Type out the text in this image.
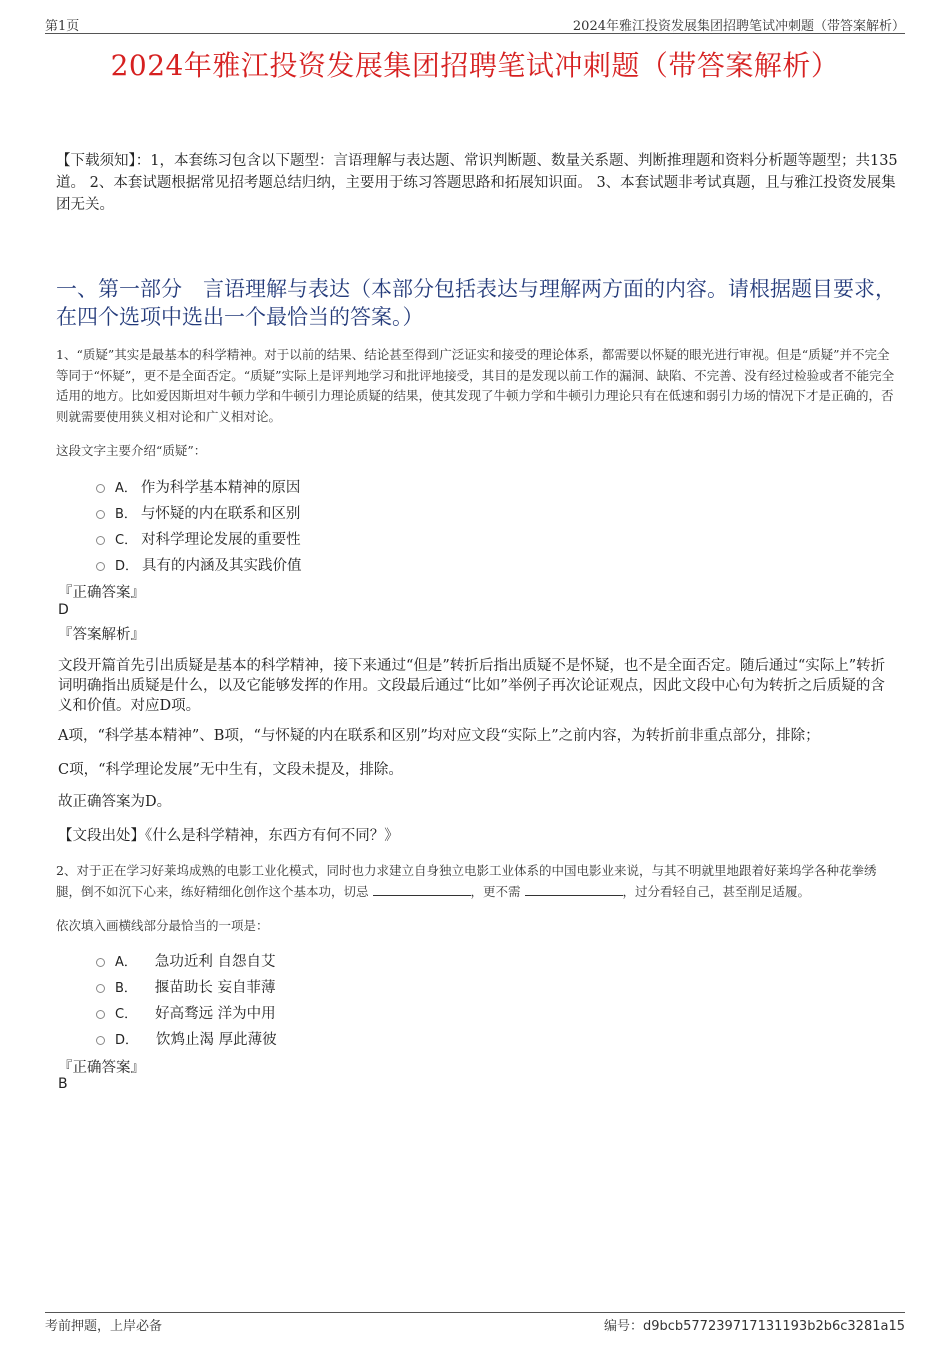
第1页	2024年雅江投资发展集团招聘笔试冲刺题（带答案解析）
2024年雅江投资发展集团招聘笔试冲刺题（带答案解析）
【下载须知】：1，本套练习包含以下题型：言语理解与表达题、常识判断题、数量关系题、判断推理题和资料分析题等题型；共135道。 2、本套试题根据常见招考题总结归纳，主要用于练习答题思路和拓展知识面。 3、本套试题非考试真题，且与雅江投资发展集团无关。
一、第一部分　言语理解与表达（本部分包括表达与理解两方面的内容。请根据题目要求，在四个选项中选出一个最恰当的答案。）
1、“质疑”其实是最基本的科学精神。对于以前的结果、结论甚至得到广泛证实和接受的理论体系，都需要以怀疑的眼光进行审视。但是“质疑”并不完全等同于“怀疑”，更不是全面否定。“质疑”实际上是评判地学习和批评地接受，其目的是发现以前工作的漏洞、缺陷、不完善、没有经过检验或者不能完全适用的地方。比如爱因斯坦对牛顿力学和牛顿引力理论质疑的结果，使其发现了牛顿力学和牛顿引力理论只有在低速和弱引力场的情况下才是正确的，否则就需要使用狭义相对论和广义相对论。
这段文字主要介绍“质疑”：
A． 作为科学基本精神的原因
B． 与怀疑的内在联系和区别
C． 对科学理论发展的重要性
D． 具有的内涵及其实践价值
『正确答案』
D
『答案解析』
文段开篇首先引出质疑是基本的科学精神，接下来通过“但是”转折后指出质疑不是怀疑，也不是全面否定。随后通过“实际上”转折词明确指出质疑是什么，以及它能够发挥的作用。文段最后通过“比如”举例子再次论证观点，因此文段中心句为转折之后质疑的含义和价值。对应D项。
A项，“科学基本精神”、B项，“与怀疑的内在联系和区别”均对应文段“实际上”之前内容，为转折前非重点部分，排除；
C项，“科学理论发展”无中生有，文段未提及，排除。
故正确答案为D。
【文段出处】《什么是科学精神，东西方有何不同？》
2、对于正在学习好莱坞成熟的电影工业化模式，同时也力求建立自身独立电影工业体系的中国电影业来说，与其不明就里地跟着好莱坞学各种花拳绣腿，倒不如沉下心来，练好精细化创作这个基本功，切忌	，更不需	，过分看轻自己，甚至削足适履。
依次填入画横线部分最恰当的一项是：
A． 急功近利 自怨自艾
B． 揠苗助长 妄自菲薄
C． 好高骛远 洋为中用
D． 饮鸩止渴 厚此薄彼
『正确答案』
B
考前押题，上岸必备	编号：d9bcb577239717131193b2b6c3281a15
